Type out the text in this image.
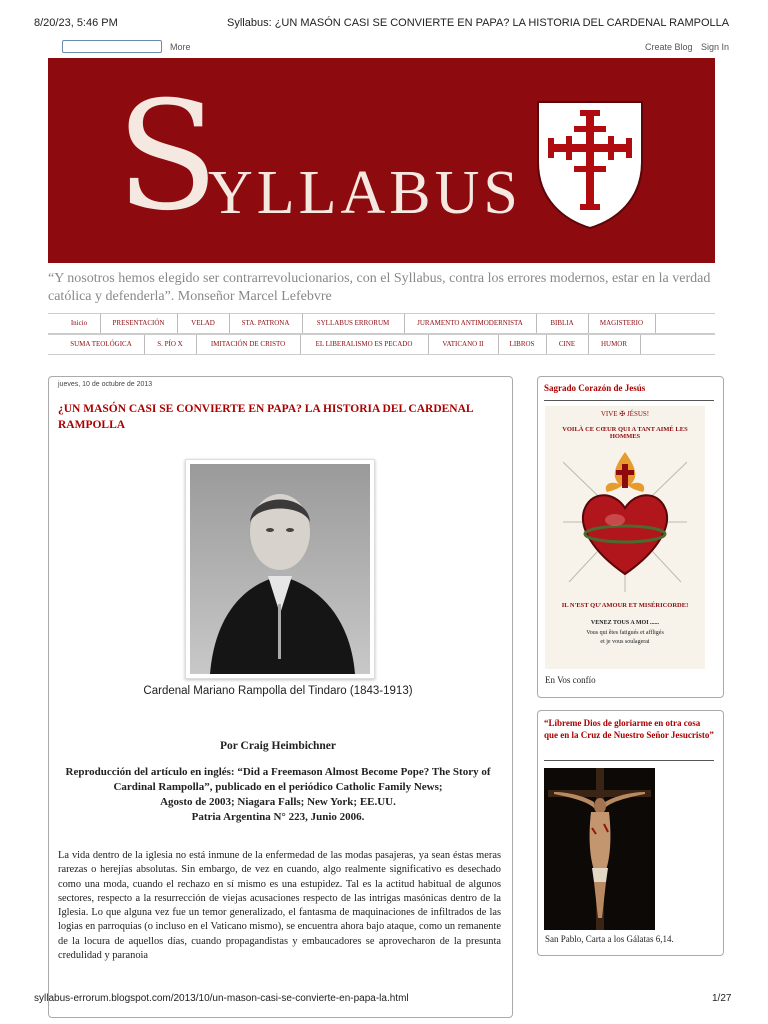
8/20/23, 5:46 PM	Syllabus: ¿UN MASÓN CASI SE CONVIERTE EN PAPA? LA HISTORIA DEL CARDENAL RAMPOLLA
More	Create Blog Sign In
S
YLLABUS
“Y nosotros hemos elegido ser contrarrevolucionarios, con el Syllabus, contra los errores modernos, estar en la verdad católica y defenderla”. Monseñor Marcel Lefebvre
Inicio	PRESENTACIÓN	VELAD	STA. PATRONA	SYLLABUS ERRORUM	JURAMENTO ANTIMODERNISTA	BIBLIA	MAGISTERIO
SUMA TEOLÓGICA	S. PÍO X	IMITACIÓN DE CRISTO	EL LIBERALISMO ES PECADO	VATICANO II	LIBROS	CINE	HUMOR
jueves, 10 de octubre de 2013
¿UN MASÓN CASI SE CONVIERTE EN PAPA? LA HISTORIA DEL CARDENAL RAMPOLLA
Cardenal Mariano Rampolla del Tindaro (1843-1913)
Por Craig Heimbichner
Reproducción del artículo en inglés: “Did a Freemason Almost Become Pope? The Story of Cardinal Rampolla”, publicado en el periódico Catholic Family News;
Agosto de 2003; Niagara Falls; New York; EE.UU.
Patria Argentina N° 223, Junio 2006.
La vida dentro de la iglesia no está inmune de la enfermedad de las modas pasajeras, ya sean éstas meras rarezas o herejías absolutas. Sin embargo, de vez en cuando, algo realmente significativo es desechado como una moda, cuando el rechazo en sí mismo es una estupidez. Tal es la actitud habitual de algunos sectores, respecto a la resurrección de viejas acusaciones respecto de las intrigas masónicas dentro de la Iglesia. Lo que alguna vez fue un temor generalizado, el fantasma de maquinaciones de infiltrados de las logias en parroquias (o incluso en el Vaticano mismo), se encuentra ahora bajo ataque, como un remanente de la locura de aquellos días, cuando propagandistas y embaucadores se aprovecharon de la presunta credulidad y paranoia
Sagrado Corazón de Jesús
VIVE ✠ JÉSUS!
VOILÀ CE CŒUR QUI A TANT AIMÉ LES HOMMES
IL N'EST QU'AMOUR ET MISÉRICORDE!
VENEZ TOUS A MOI ......
Vous qui êtes fatigués et affligés
et je vous soulagerai
En Vos confío
“Líbreme Dios de gloriarme en otra cosa que en la Cruz de Nuestro Señor Jesucristo”
San Pablo, Carta a los Gálatas 6,14.
syllabus-errorum.blogspot.com/2013/10/un-mason-casi-se-convierte-en-papa-la.html	1/27
